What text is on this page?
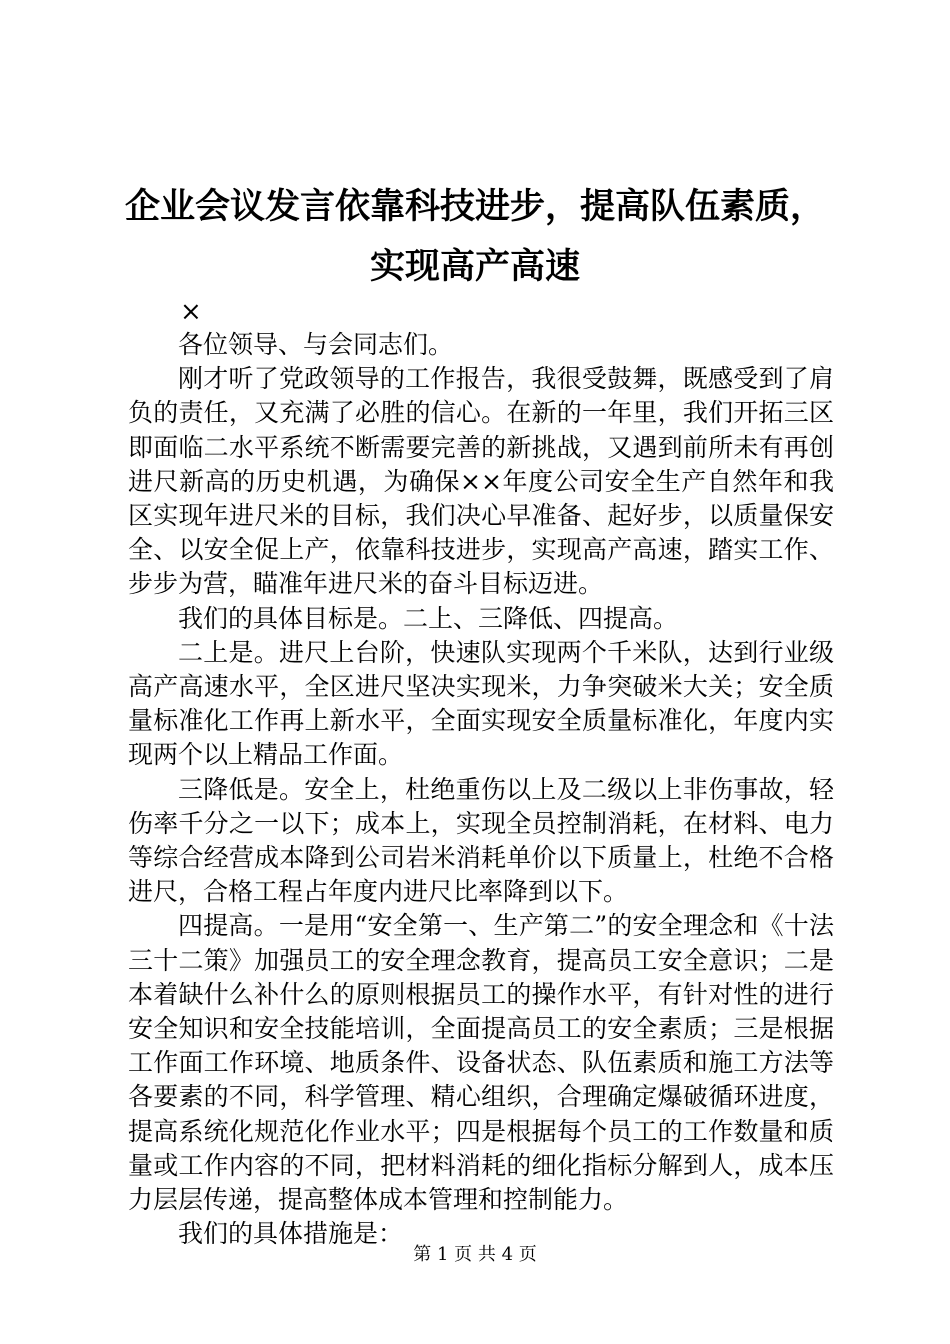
企业会议发言依靠科技进步，提高队伍素质，
实现高产高速
×

各位领导、与会同志们。

刚才听了党政领导的工作报告，我很受鼓舞，既感受到了肩负的责任，又充满了必胜的信心。在新的一年里，我们开拓三区即面临二水平系统不断需要完善的新挑战，又遇到前所未有再创进尺新高的历史机遇，为确保××年度公司安全生产自然年和我区实现年进尺米的目标，我们决心早准备、起好步，以质量保安全、以安全促上产，依靠科技进步，实现高产高速，踏实工作、步步为营，瞄准年进尺米的奋斗目标迈进。

我们的具体目标是。二上、三降低、四提高。

二上是。进尺上台阶，快速队实现两个千米队，达到行业级高产高速水平，全区进尺坚决实现米，力争突破米大关；安全质量标准化工作再上新水平，全面实现安全质量标准化，年度内实现两个以上精品工作面。

三降低是。安全上，杜绝重伤以上及二级以上非伤事故，轻伤率千分之一以下；成本上，实现全员控制消耗，在材料、电力等综合经营成本降到公司岩米消耗单价以下质量上，杜绝不合格进尺，合格工程占年度内进尺比率降到以下。

四提高。一是用“安全第一、生产第二”的安全理念和《十法三十二策》加强员工的安全理念教育，提高员工安全意识；二是本着缺什么补什么的原则根据员工的操作水平，有针对性的进行安全知识和安全技能培训，全面提高员工的安全素质；三是根据工作面工作环境、地质条件、设备状态、队伍素质和施工方法等各要素的不同，科学管理、精心组织，合理确定爆破循环进度，提高系统化规范化作业水平；四是根据每个员工的工作数量和质量或工作内容的不同，把材料消耗的细化指标分解到人，成本压力层层传递，提高整体成本管理和控制能力。

我们的具体措施是：

第 1 页 共 4 页
